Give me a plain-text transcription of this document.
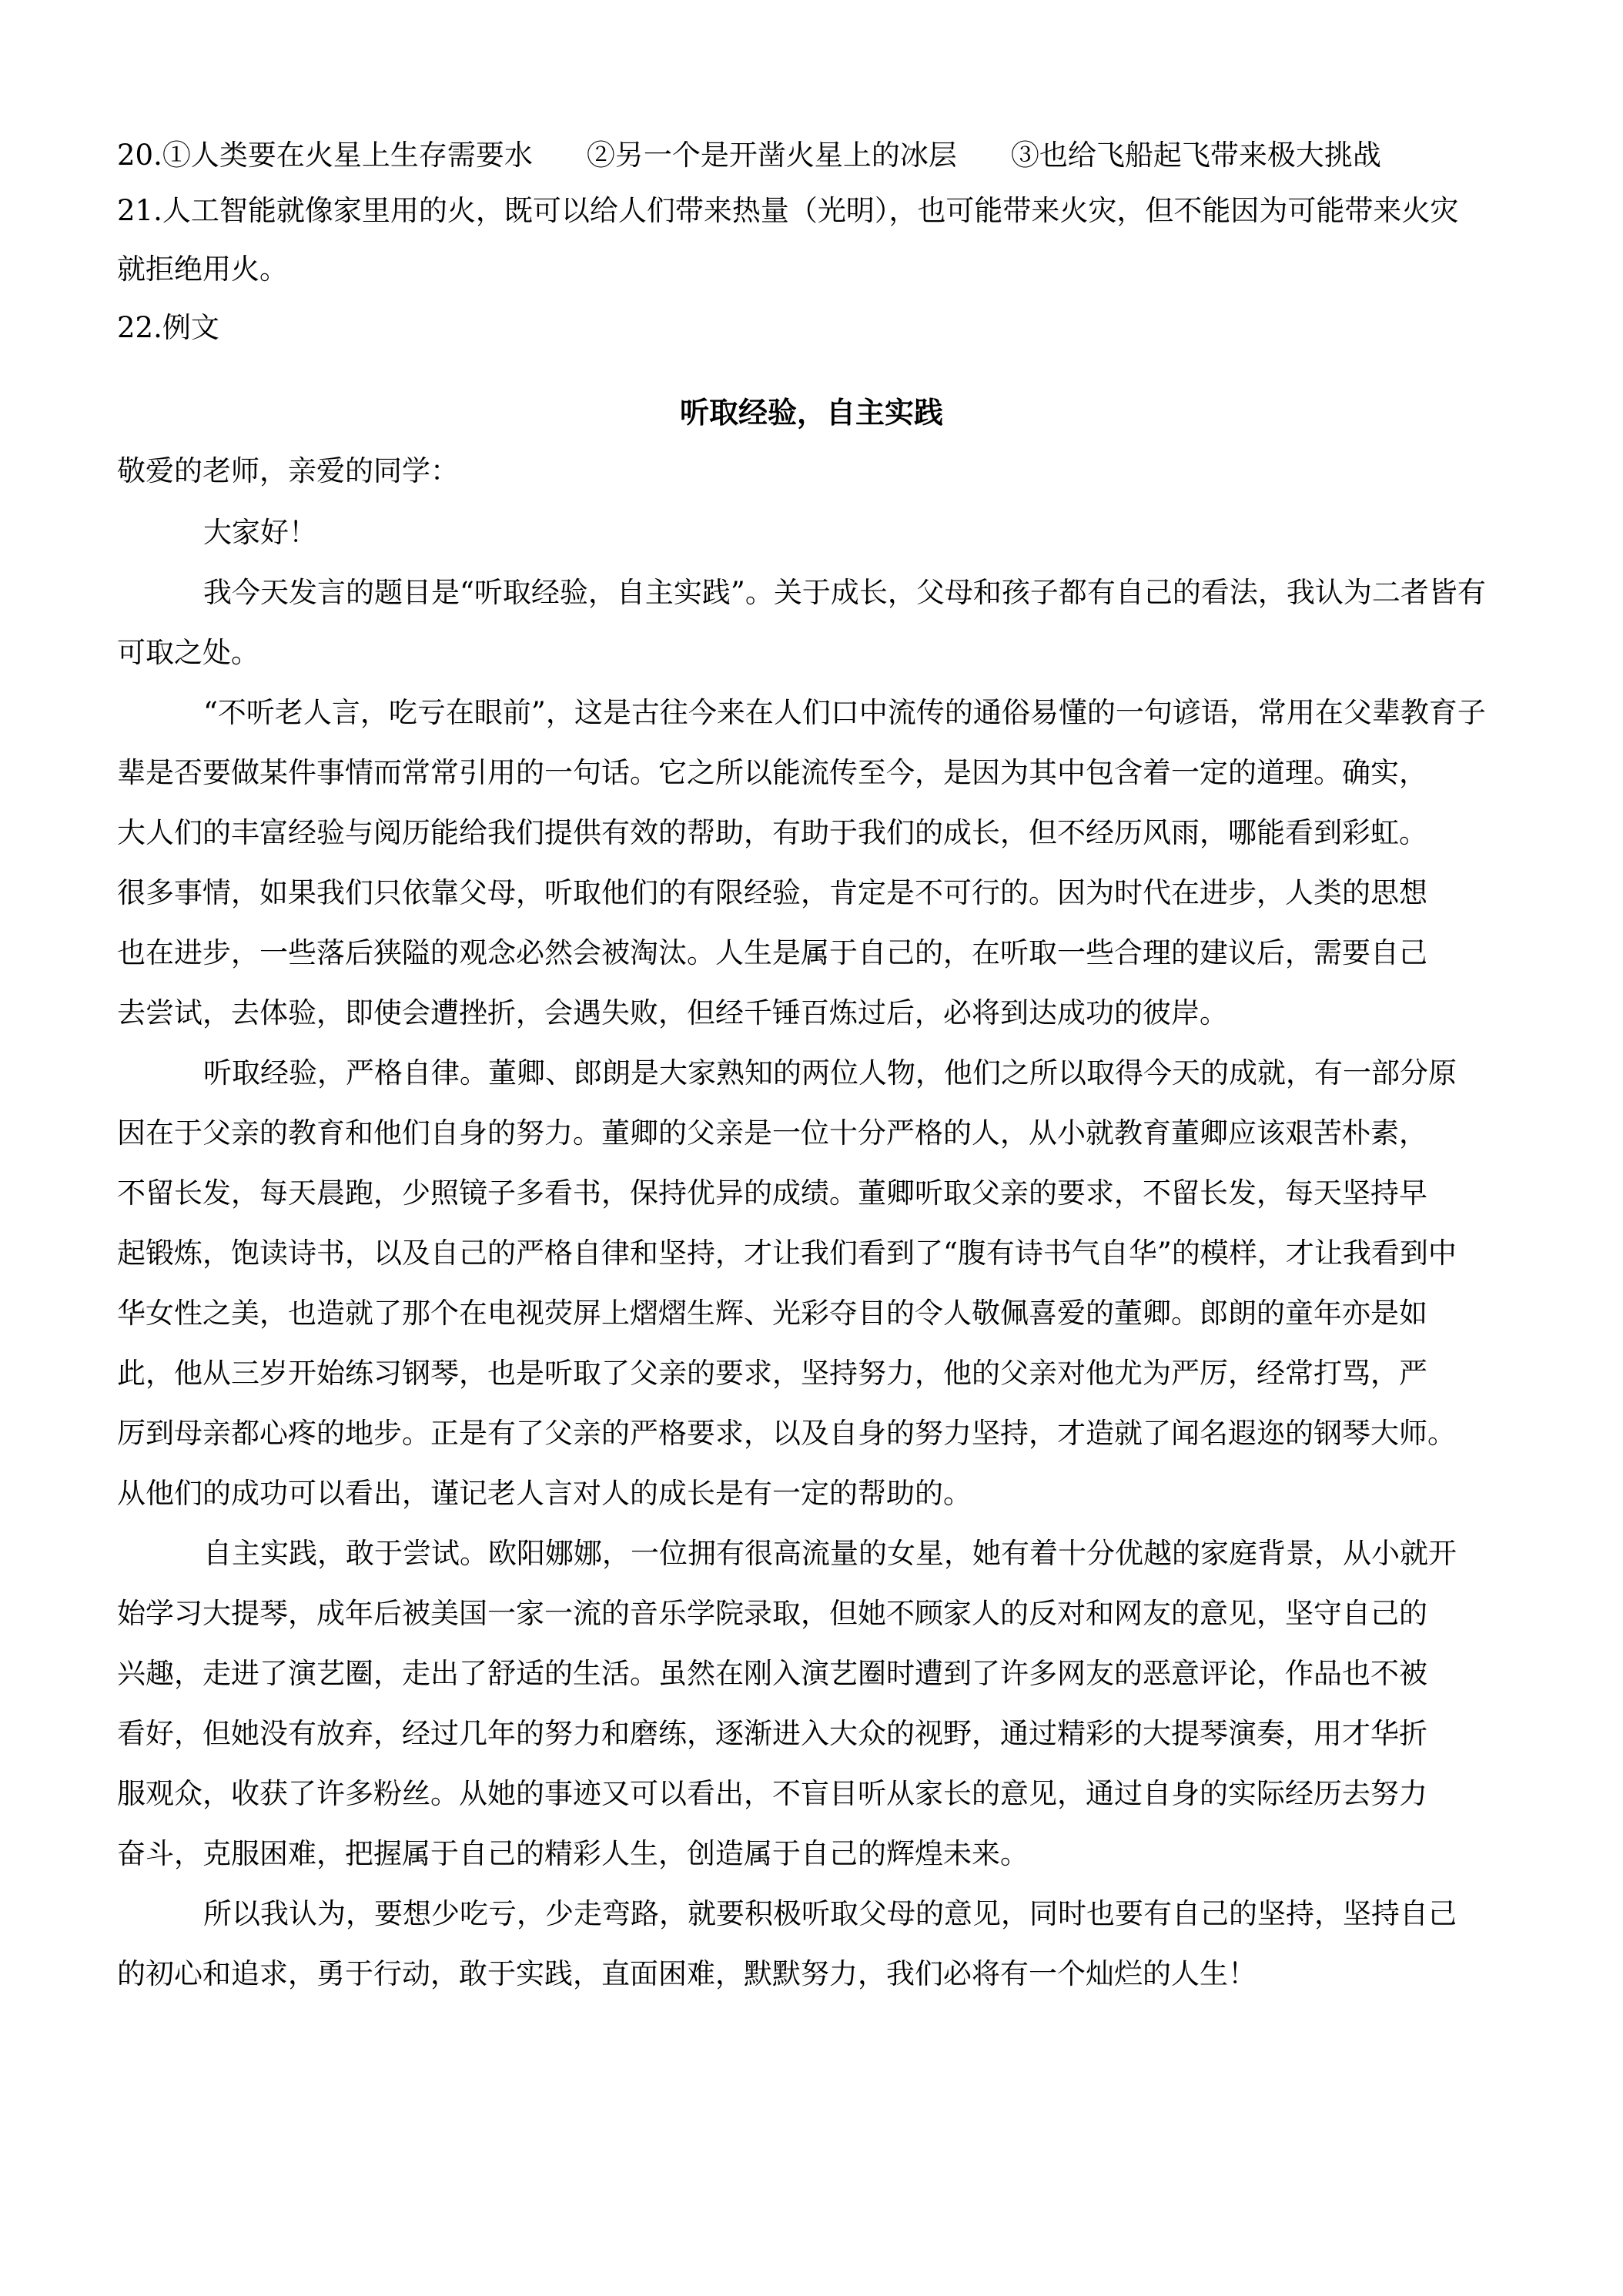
20.①人类要在火星上生存需要水 ②另一个是开凿火星上的冰层 ③也给飞船起飞带来极大挑战
21.人工智能就像家里用的火，既可以给人们带来热量（光明），也可能带来火灾，但不能因为可能带来火灾
就拒绝用火。
22.例文
听取经验，自主实践
敬爱的老师，亲爱的同学：
大家好！
我今天发言的题目是“听取经验，自主实践”。关于成长，父母和孩子都有自己的看法，我认为二者皆有
可取之处。
“不听老人言，吃亏在眼前”，这是古往今来在人们口中流传的通俗易懂的一句谚语，常用在父辈教育子
辈是否要做某件事情而常常引用的一句话。它之所以能流传至今，是因为其中包含着一定的道理。确实，
大人们的丰富经验与阅历能给我们提供有效的帮助，有助于我们的成长，但不经历风雨，哪能看到彩虹。
很多事情，如果我们只依靠父母，听取他们的有限经验，肯定是不可行的。因为时代在进步，人类的思想
也在进步，一些落后狭隘的观念必然会被淘汰。人生是属于自己的，在听取一些合理的建议后，需要自己
去尝试，去体验，即使会遭挫折，会遇失败，但经千锤百炼过后，必将到达成功的彼岸。
听取经验，严格自律。董卿、郎朗是大家熟知的两位人物，他们之所以取得今天的成就，有一部分原
因在于父亲的教育和他们自身的努力。董卿的父亲是一位十分严格的人，从小就教育董卿应该艰苦朴素，
不留长发，每天晨跑，少照镜子多看书，保持优异的成绩。董卿听取父亲的要求，不留长发，每天坚持早
起锻炼，饱读诗书，以及自己的严格自律和坚持，才让我们看到了“腹有诗书气自华”的模样，才让我看到中
华女性之美，也造就了那个在电视荧屏上熠熠生辉、光彩夺目的令人敬佩喜爱的董卿。郎朗的童年亦是如
此，他从三岁开始练习钢琴，也是听取了父亲的要求，坚持努力，他的父亲对他尤为严厉，经常打骂，严
厉到母亲都心疼的地步。正是有了父亲的严格要求，以及自身的努力坚持，才造就了闻名遐迩的钢琴大师。
从他们的成功可以看出，谨记老人言对人的成长是有一定的帮助的。
自主实践，敢于尝试。欧阳娜娜，一位拥有很高流量的女星，她有着十分优越的家庭背景，从小就开
始学习大提琴，成年后被美国一家一流的音乐学院录取，但她不顾家人的反对和网友的意见，坚守自己的
兴趣，走进了演艺圈，走出了舒适的生活。虽然在刚入演艺圈时遭到了许多网友的恶意评论，作品也不被
看好，但她没有放弃，经过几年的努力和磨练，逐渐进入大众的视野，通过精彩的大提琴演奏，用才华折
服观众，收获了许多粉丝。从她的事迹又可以看出，不盲目听从家长的意见，通过自身的实际经历去努力
奋斗，克服困难，把握属于自己的精彩人生，创造属于自己的辉煌未来。
所以我认为，要想少吃亏，少走弯路，就要积极听取父母的意见，同时也要有自己的坚持，坚持自己
的初心和追求，勇于行动，敢于实践，直面困难，默默努力，我们必将有一个灿烂的人生！
